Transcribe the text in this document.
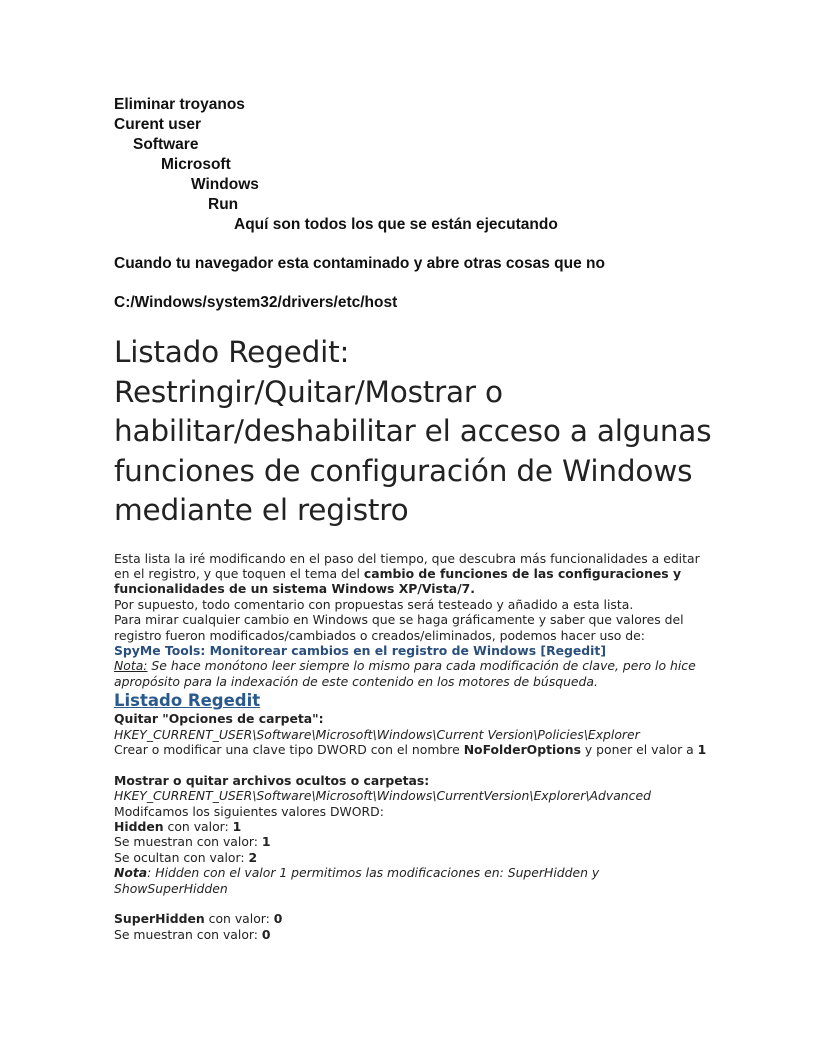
Eliminar troyanos
Curent user
Software
Microsoft
Windows
Run
Aquí son todos los que se están ejecutando
Cuando tu navegador esta contaminado y abre otras cosas que no
C:/Windows/system32/drivers/etc/host
Listado Regedit: Restringir/Quitar/Mostrar o habilitar/deshabilitar el acceso a algunas funciones de configuración de Windows mediante el registro

Esta lista la iré modificando en el paso del tiempo, que descubra más funcionalidades a editar en el registro, y que toquen el tema del cambio de funciones de las configuraciones y funcionalidades de un sistema Windows XP/Vista/7.

Por supuesto, todo comentario con propuestas será testeado y añadido a esta lista.

Para mirar cualquier cambio en Windows que se haga gráficamente y saber que valores del registro fueron modificados/cambiados o creados/eliminados, podemos hacer uso de:

SpyMe Tools: Monitorear cambios en el registro de Windows [Regedit]

Nota: Se hace monótono leer siempre lo mismo para cada modificación de clave, pero lo hice apropósito para la indexación de este contenido en los motores de búsqueda.

Listado Regedit

Quitar "Opciones de carpeta":

HKEY_CURRENT_USER\Software\Microsoft\Windows\Current Version\Policies\Explorer

Crear o modificar una clave tipo DWORD con el nombre NoFolderOptions y poner el valor a 1

Mostrar o quitar archivos ocultos o carpetas:

HKEY_CURRENT_USER\Software\Microsoft\Windows\CurrentVersion\Explorer\Advanced

Modifcamos los siguientes valores DWORD:

Hidden con valor: 1

Se muestran con valor: 1

Se ocultan con valor: 2

Nota: Hidden con el valor 1 permitimos las modificaciones en: SuperHidden y ShowSuperHidden

SuperHidden con valor: 0

Se muestran con valor: 0
